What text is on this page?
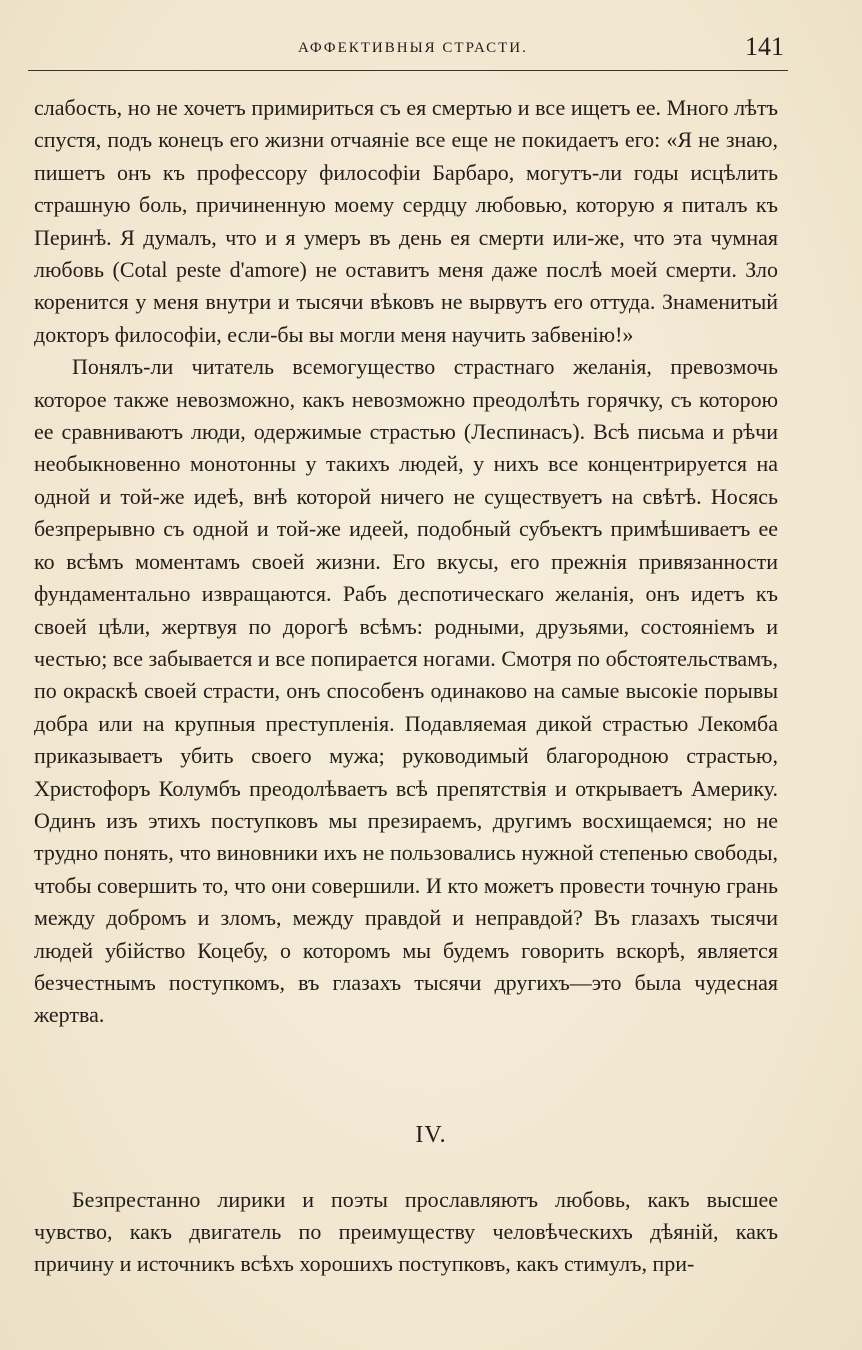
АФФЕКТИВНЫЯ СТРАСТИ.	141

слабость, но не хочетъ примириться съ ея смертью и все ищетъ ее. Много лѣтъ спустя, подъ конецъ его жизни отчаяніе все еще не покидаетъ его: «Я не знаю, пишетъ онъ къ профессору философіи Барбаро, могутъ-ли годы исцѣлить страшную боль, причиненную моему сердцу любовью, которую я питалъ къ Перинѣ. Я думалъ, что и я умеръ въ день ея смерти или-же, что эта чумная любовь (Cotal peste d'amore) не оставитъ меня даже послѣ моей смерти. Зло коренится у меня внутри и тысячи вѣковъ не вырвутъ его оттуда. Знаменитый докторъ философіи, если-бы вы могли меня научить забвенію!»

Понялъ-ли читатель всемогущество страстнаго желанія, превозмочь которое также невозможно, какъ невозможно преодолѣть горячку, съ которою ее сравниваютъ люди, одержимые страстью (Леспинасъ). Всѣ письма и рѣчи необыкновенно монотонны у такихъ людей, у нихъ все концентрируется на одной и той-же идеѣ, внѣ которой ничего не существуетъ на свѣтѣ. Носясь безпрерывно съ одной и той-же идеей, подобный субъектъ примѣшиваетъ ее ко всѣмъ моментамъ своей жизни. Его вкусы, его прежнія привязанности фундаментально извращаются. Рабъ деспотическаго желанія, онъ идетъ къ своей цѣли, жертвуя по дорогѣ всѣмъ: родными, друзьями, состояніемъ и честью; все забывается и все попирается ногами. Смотря по обстоятельствамъ, по окраскѣ своей страсти, онъ способенъ одинаково на самые высокіе порывы добра или на крупныя преступленія. Подавляемая дикой страстью Лекомба приказываетъ убить своего мужа; руководимый благородною страстью, Христофоръ Колумбъ преодолѣваетъ всѣ препятствія и открываетъ Америку. Одинъ изъ этихъ поступковъ мы презираемъ, другимъ восхищаемся; но не трудно понять, что виновники ихъ не пользовались нужной степенью свободы, чтобы совершить то, что они совершили. И кто можетъ провести точную грань между добромъ и зломъ, между правдой и неправдой? Въ глазахъ тысячи людей убійство Коцебу, о которомъ мы будемъ говорить вскорѣ, является безчестнымъ поступкомъ, въ глазахъ тысячи другихъ—это была чудесная жертва.

IV.

Безпрестанно лирики и поэты прославляютъ любовь, какъ высшее чувство, какъ двигатель по преимуществу человѣческихъ дѣяній, какъ причину и источникъ всѣхъ хорошихъ поступковъ, какъ стимулъ, при-
